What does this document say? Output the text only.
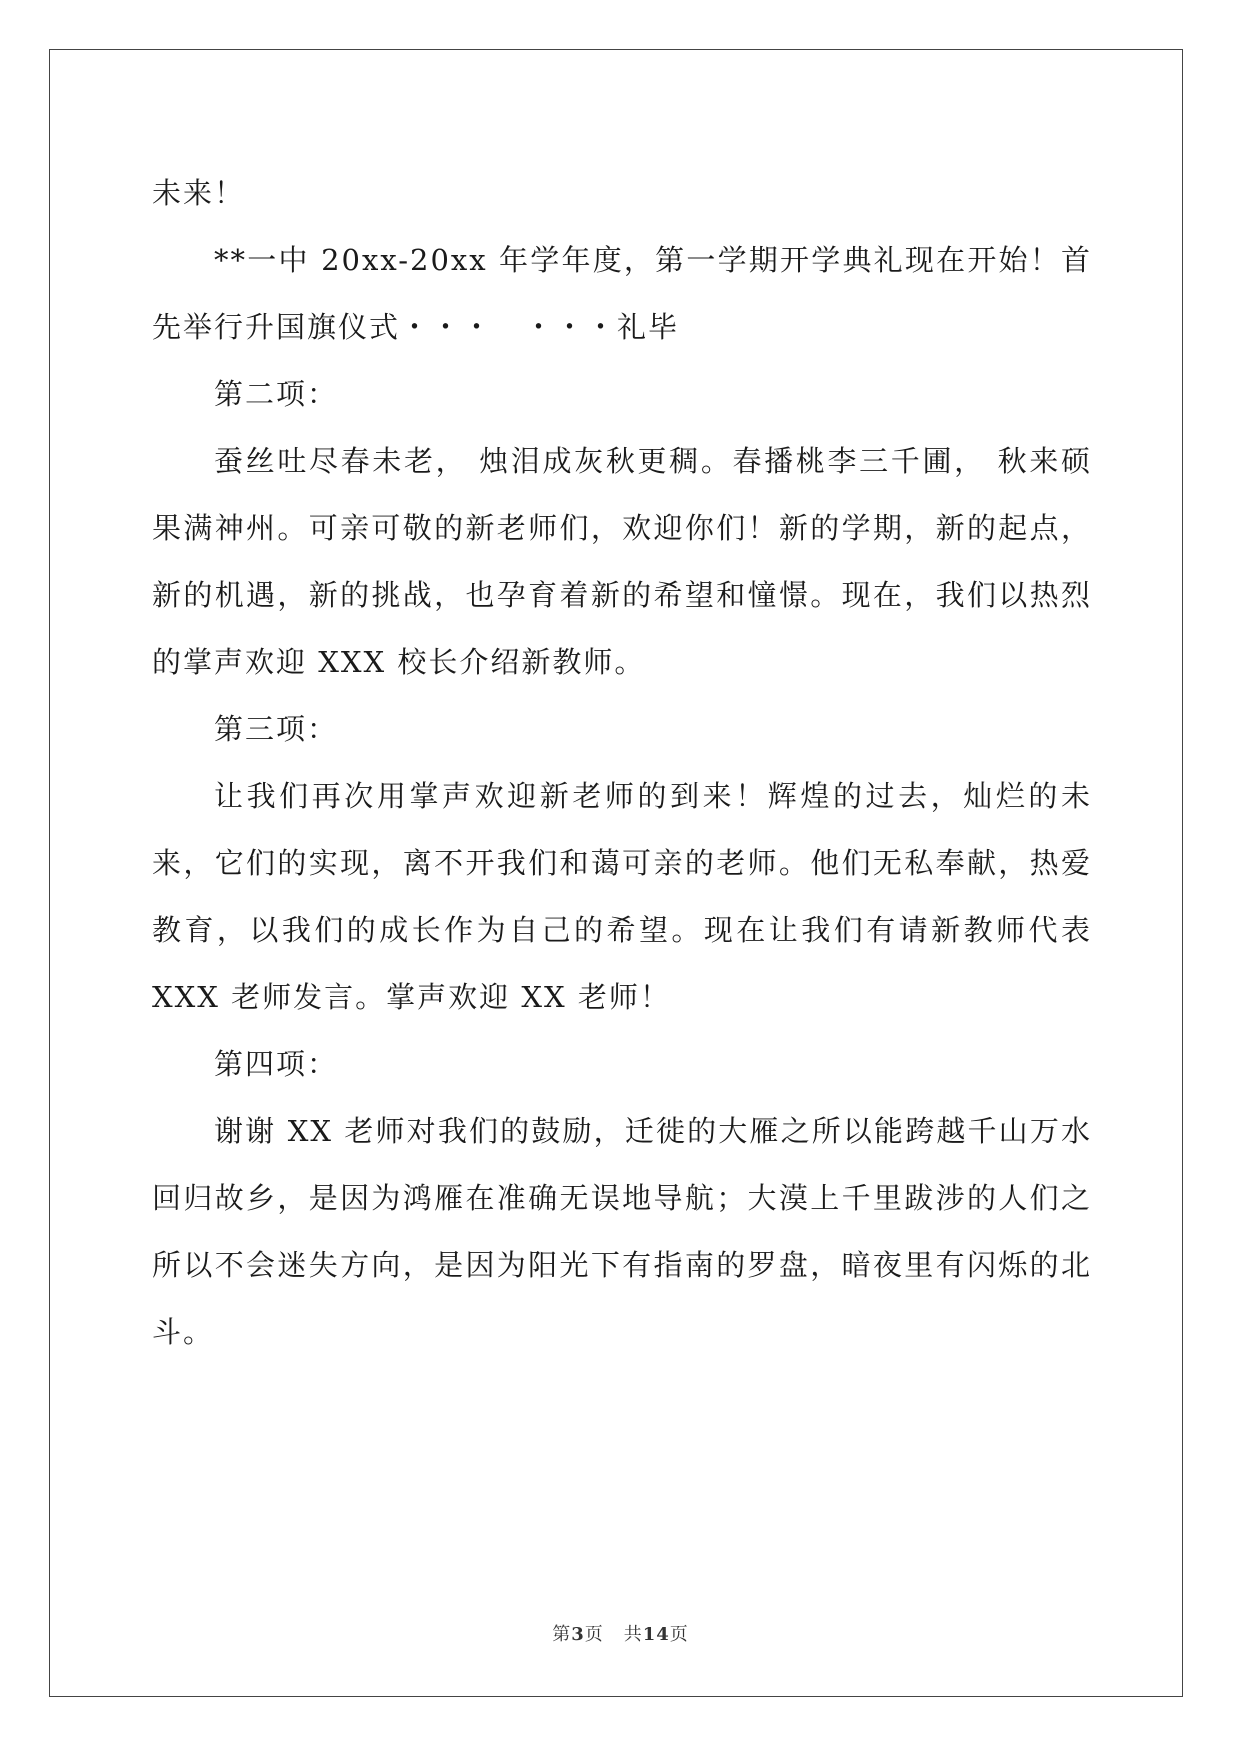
未来！

**一中 20xx-20xx 年学年度，第一学期开学典礼现在开始！首先举行升国旗仪式・・・　・・・礼毕

第二项：

蚕丝吐尽春未老， 烛泪成灰秋更稠。春播桃李三千圃， 秋来硕果满神州。可亲可敬的新老师们，欢迎你们！新的学期，新的起点，新的机遇，新的挑战，也孕育着新的希望和憧憬。现在，我们以热烈的掌声欢迎 XXX 校长介绍新教师。

第三项：

让我们再次用掌声欢迎新老师的到来！辉煌的过去，灿烂的未来，它们的实现，离不开我们和蔼可亲的老师。他们无私奉献，热爱教育，以我们的成长作为自己的希望。现在让我们有请新教师代表 XXX 老师发言。掌声欢迎 XX 老师！

第四项：

谢谢 XX 老师对我们的鼓励，迁徙的大雁之所以能跨越千山万水回归故乡，是因为鸿雁在准确无误地导航；大漠上千里跋涉的人们之所以不会迷失方向，是因为阳光下有指南的罗盘，暗夜里有闪烁的北斗。

第3页 共14页
